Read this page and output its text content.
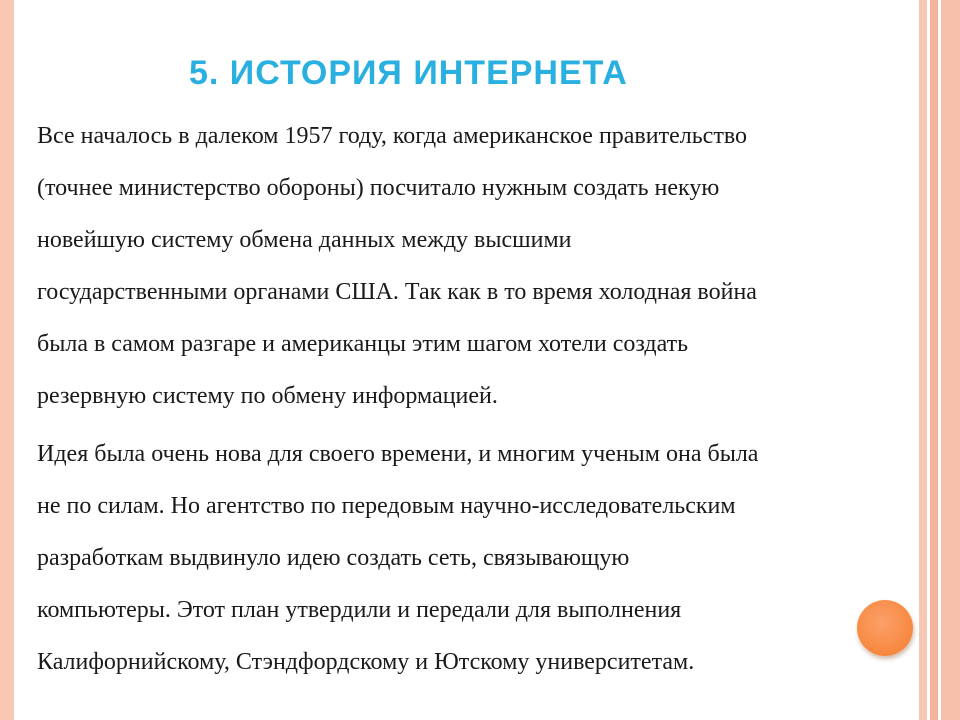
5. ИСТОРИЯ ИНТЕРНЕТА

Все началось в далеком 1957 году, когда американское правительство
(точнее министерство обороны) посчитало нужным создать некую
новейшую систему обмена данных между высшими
государственными органами США. Так как в то время холодная война
была в самом разгаре и американцы этим шагом хотели создать
резервную систему по обмену информацией.

Идея была очень нова для своего времени, и многим ученым она была
не по силам. Но агентство по передовым научно-исследовательским
разработкам выдвинуло идею создать сеть, связывающую
компьютеры. Этот план утвердили и передали для выполнения
Калифорнийскому, Стэндфордскому и Ютскому университетам.
